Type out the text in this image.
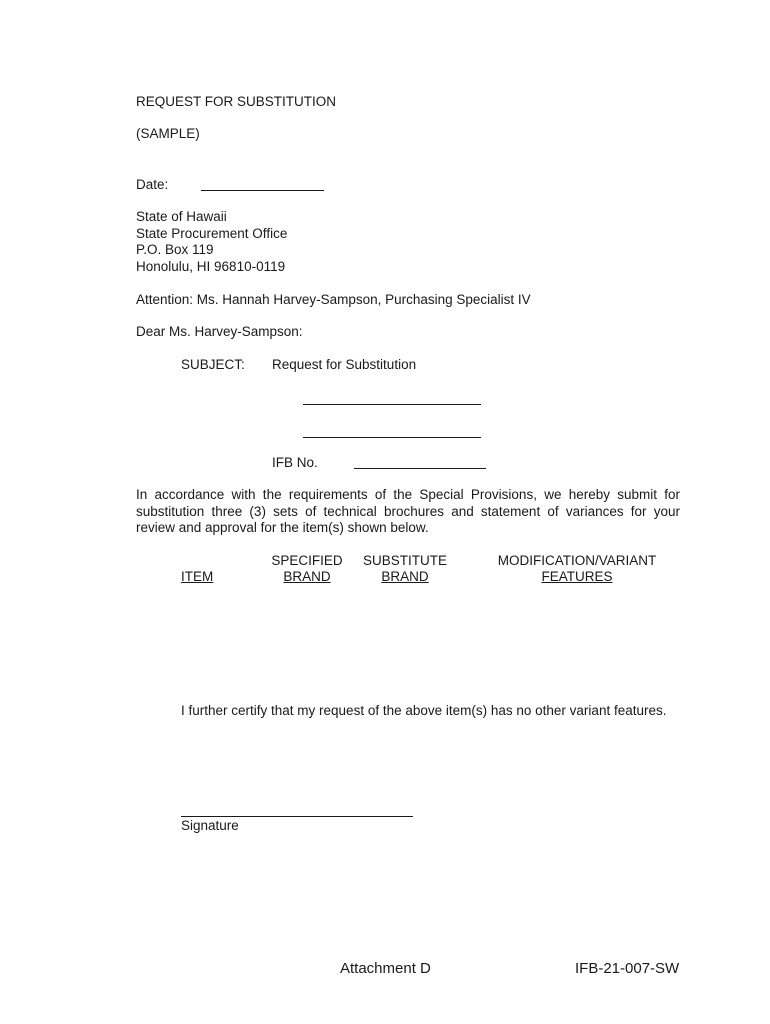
REQUEST FOR SUBSTITUTION
(SAMPLE)
Date:
State of Hawaii
State Procurement Office
P.O. Box 119
Honolulu, HI 96810-0119
Attention: Ms. Hannah Harvey-Sampson, Purchasing Specialist IV
Dear Ms. Harvey-Sampson:
SUBJECT: Request for Substitution
IFB No.
In accordance with the requirements of the Special Provisions, we hereby submit for substitution three (3) sets of technical brochures and statement of variances for your review and approval for the item(s) shown below.
ITEM
SPECIFIED
BRAND
SUBSTITUTE
BRAND
MODIFICATION/VARIANT
FEATURES
I further certify that my request of the above item(s) has no other variant features.
Signature
Attachment D	IFB-21-007-SW
